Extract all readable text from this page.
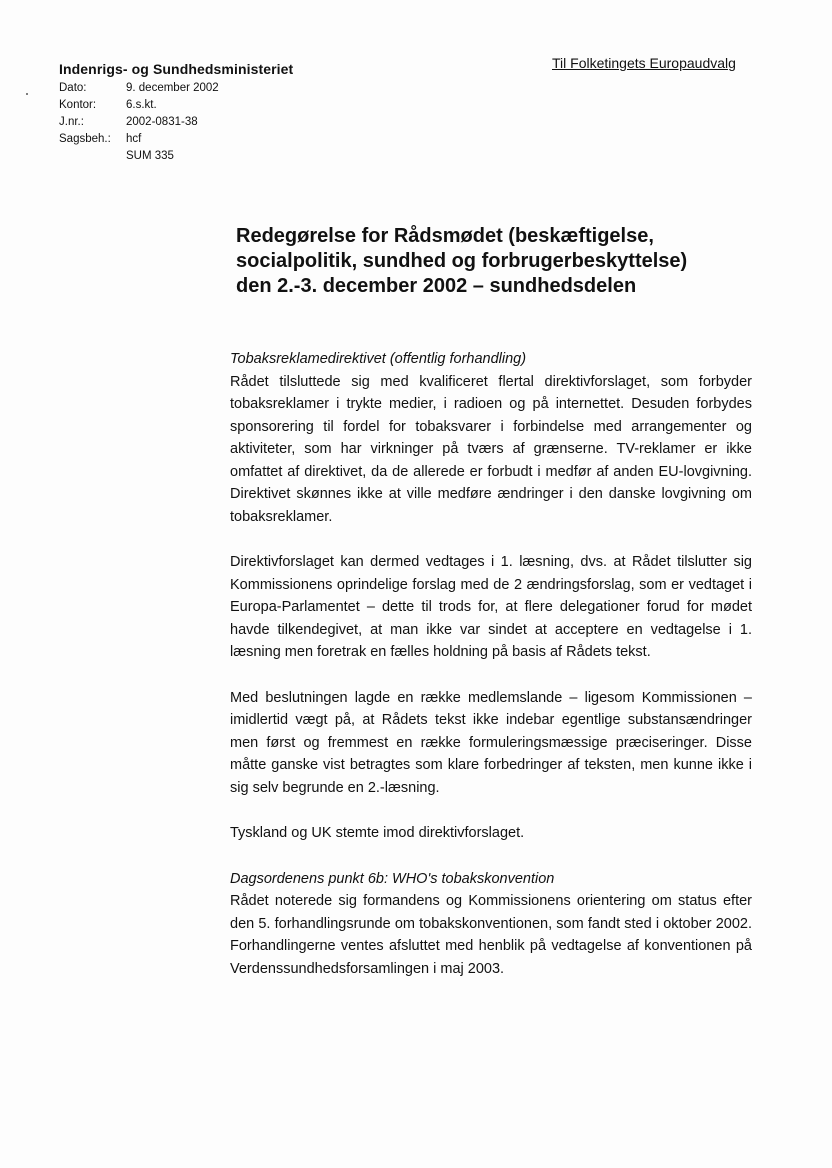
Indenrigs- og Sundhedsministeriet	Til Folketingets Europaudvalg
Dato:	9. december 2002
Kontor:	6.s.kt.
J.nr.:	2002-0831-38
Sagsbeh.:	hcf
SUM 335
Redegørelse for Rådsmødet (beskæftigelse,
socialpolitik, sundhed og forbrugerbeskyttelse)
den 2.-3. december 2002 – sundhedsdelen

Tobaksreklamedirektivet (offentlig forhandling)

Rådet tilsluttede sig med kvalificeret flertal direktivforslaget, som forbyder tobaksreklamer i trykte medier, i radioen og på internettet. Desuden forbydes sponsorering til fordel for tobaksvarer i forbindelse med arrangementer og aktiviteter, som har virkninger på tværs af grænserne. TV-reklamer er ikke omfattet af direktivet, da de allerede er forbudt i medfør af anden EU-lovgivning. Direktivet skønnes ikke at ville medføre ændringer i den danske lovgivning om tobaksreklamer.

Direktivforslaget kan dermed vedtages i 1. læsning, dvs. at Rådet tilslutter sig Kommissionens oprindelige forslag med de 2 ændringsforslag, som er vedtaget i Europa-Parlamentet – dette til trods for, at flere delegationer forud for mødet havde tilkendegivet, at man ikke var sindet at acceptere en vedtagelse i 1. læsning men foretrak en fælles holdning på basis af Rådets tekst.

Med beslutningen lagde en række medlemslande – ligesom Kommissionen – imidlertid vægt på, at Rådets tekst ikke indebar egentlige substansændringer men først og fremmest en række formuleringsmæssige præciseringer. Disse måtte ganske vist betragtes som klare forbedringer af teksten, men kunne ikke i sig selv begrunde en 2.-læsning.

Tyskland og UK stemte imod direktivforslaget.

Dagsordenens punkt 6b: WHO's tobakskonvention

Rådet noterede sig formandens og Kommissionens orientering om status efter den 5. forhandlingsrunde om tobakskonventionen, som fandt sted i oktober 2002. Forhandlingerne ventes afsluttet med henblik på vedtagelse af konventionen på Verdenssundhedsforsamlingen i maj 2003.
